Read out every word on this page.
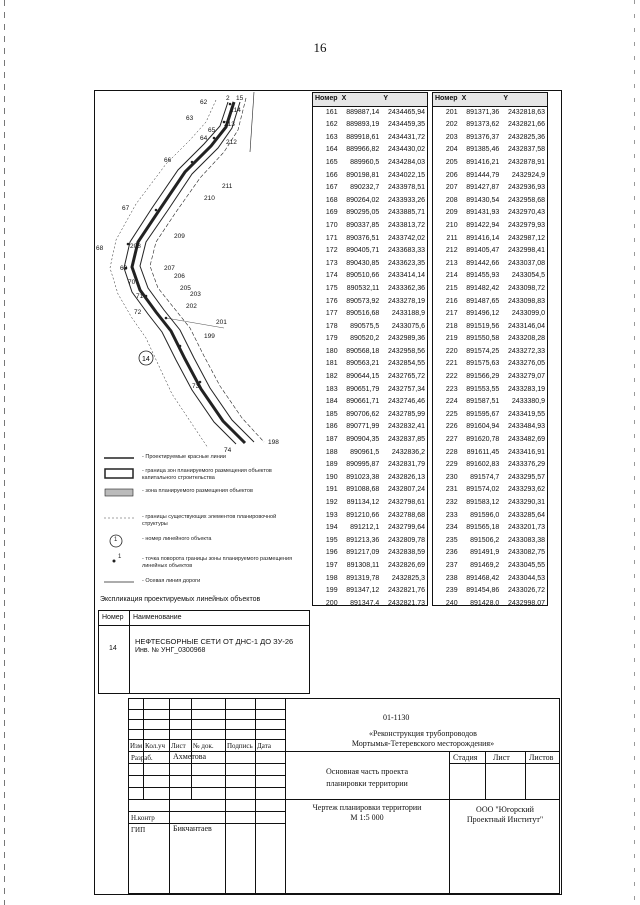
16
62
2 15
63
213
214
65
64
212
66
211
210
67
209
68	208
69	207
206
70
205
203
71
202
72
201
199
73
74
198
14
Номер	X	Y
161	889887,14	2434465,94
162	889893,19	2434459,35
163	889918,61	2434431,72
164	889966,82	2434430,02
165	889960,5	2434284,03
166	890198,81	2434022,15
167	890232,7	2433978,51
168	890264,02	2433933,26
169	890295,05	2433885,71
170	890337,85	2433813,72
171	890376,51	2433742,02
172	890405,71	2433683,33
173	890430,85	2433623,35
174	890510,66	2433414,14
175	890532,11	2433362,36
176	890573,92	2433278,19
177	890516,68	2433188,9
178	890575,5	2433075,6
179	890520,2	2432989,36
180	890568,18	2432958,56
181	890563,21	2432854,55
182	890644,15	2432765,72
183	890651,79	2432757,34
184	890661,71	2432746,46
185	890706,62	2432785,99
186	890771,99	2432832,41
187	890904,35	2432837,85
188	890961,5	2432836,2
189	890995,87	2432831,79
190	891023,38	2432826,13
191	891088,68	2432807,24
192	891134,12	2432798,61
193	891210,66	2432788,68
194	891212,1	2432799,64
195	891213,36	2432809,78
196	891217,09	2432838,59
197	891308,11	2432826,69
198	891319,78	2432825,3
199	891347,12	2432821,76
200	891347,4	2432821,73
Номер	X	Y
201	891371,36	2432818,63
202	891373,62	2432821,66
203	891376,37	2432825,36
204	891385,46	2432837,58
205	891416,21	2432878,91
206	891444,79	2432924,9
207	891427,87	2432936,93
208	891430,54	2432958,68
209	891431,93	2432970,43
210	891422,94	2432979,93
211	891416,14	2432987,12
212	891405,47	2432998,41
213	891442,66	2433037,08
214	891455,93	2433054,5
215	891482,42	2433098,72
216	891487,65	2433098,83
217	891496,12	2433099,0
218	891519,56	2433146,04
219	891550,58	2433208,28
220	891574,25	2433272,33
221	891575,63	2433276,05
222	891566,29	2433279,07
223	891553,55	2433283,19
224	891587,51	2433380,9
225	891595,67	2433419,55
226	891604,94	2433484,93
227	891620,78	2433482,69
228	891611,45	2433416,91
229	891602,83	2433376,29
230	891574,7	2433295,57
231	891574,02	2433293,62
232	891583,12	2433290,31
233	891596,0	2433285,64
234	891565,18	2433201,73
235	891506,2	2433083,38
236	891491,9	2433082,75
237	891469,2	2433045,55
238	891468,42	2433044,53
239	891454,86	2433026,72
240	891428,0	2432998,07
- Проектируемые красные линии
- граница зон планируемого размещения объектов капитального строительства
- зона планируемого размещения объектов
- границы существующих элементов планировочной структуры
1	- номер линейного объекта
1	- точка поворота границы зоны планируемого размещения линейных объектов
- Осевая линия дороги
Экспликация проектируемых линейных объектов
Номер Наименование
14
НЕФТЕСБОРНЫЕ СЕТИ ОТ ДНС-1 ДО ЗУ-26
Инв. № УНГ_0300968
01-1130
«Реконструкция трубопроводов
Мортымья-Тетеревского месторождения»
Изм Кол.уч Лист № док. Подпись Дата
Разраб.	Ахметова
Н.контр
ГИП	Бикчантаев
Основная часть проекта
планировки территории
Стадия Лист Листов
Чертеж планировки территории
М 1:5 000
ООО "Югорский
Проектный Институт"
